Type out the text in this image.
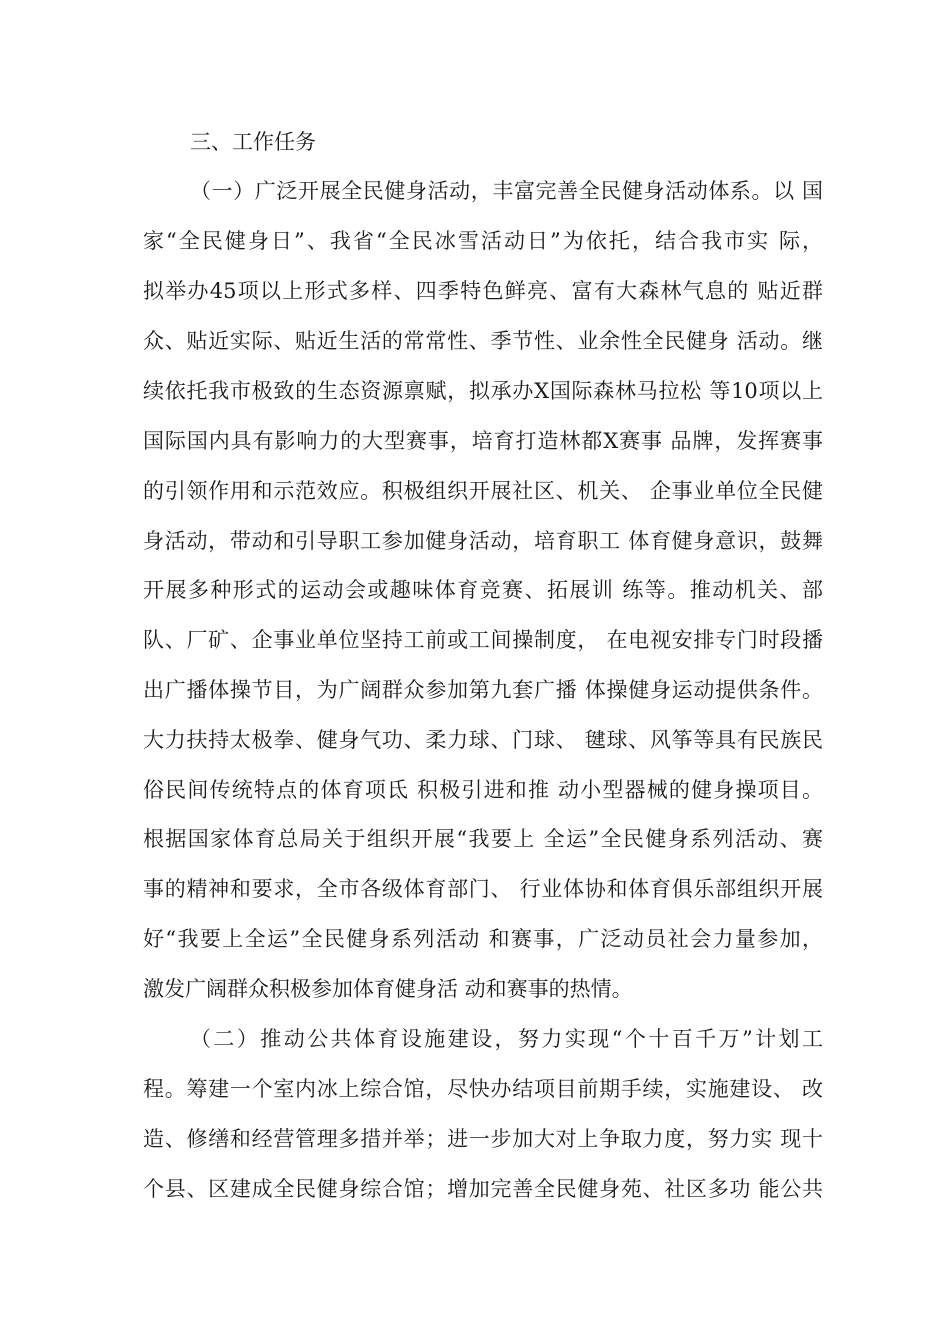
三、工作任务
（一）广泛开展全民健身活动，丰富完善全民健身活动体系。以 国
家“全民健身日”、我省“全民冰雪活动日”为依托，结合我市实 际，
拟举办45项以上形式多样、四季特色鲜亮、富有大森林气息的 贴近群
众、贴近实际、贴近生活的常常性、季节性、业余性全民健身 活动。继
续依托我市极致的生态资源禀赋，拟承办X国际森林马拉松 等10项以上
国际国内具有影响力的大型赛事，培育打造林都X赛事 品牌，发挥赛事
的引领作用和示范效应。积极组织开展社区、机关、 企事业单位全民健
身活动，带动和引导职工参加健身活动，培育职工 体育健身意识，鼓舞
开展多种形式的运动会或趣味体育竞赛、拓展训 练等。推动机关、部
队、厂矿、企事业单位坚持工前或工间操制度， 在电视安排专门时段播
出广播体操节目，为广阔群众参加第九套广播 体操健身运动提供条件。
大力扶持太极拳、健身气功、柔力球、门球、 毽球、风筝等具有民族民
俗民间传统特点的体育项氐 积极引进和推 动小型器械的健身操项目。
根据国家体育总局关于组织开展“我要上 全运”全民健身系列活动、赛
事的精神和要求，全市各级体育部门、 行业体协和体育俱乐部组织开展
好“我要上全运”全民健身系列活动 和赛事，广泛动员社会力量参加，
激发广阔群众积极参加体育健身活 动和赛事的热情。
（二）推动公共体育设施建设，努力实现“个十百千万”计划工
程。筹建一个室内冰上综合馆，尽快办结项目前期手续，实施建设、 改
造、修缮和经营管理多措并举；进一步加大对上争取力度，努力实 现十
个县、区建成全民健身综合馆；增加完善全民健身苑、社区多功 能公共
